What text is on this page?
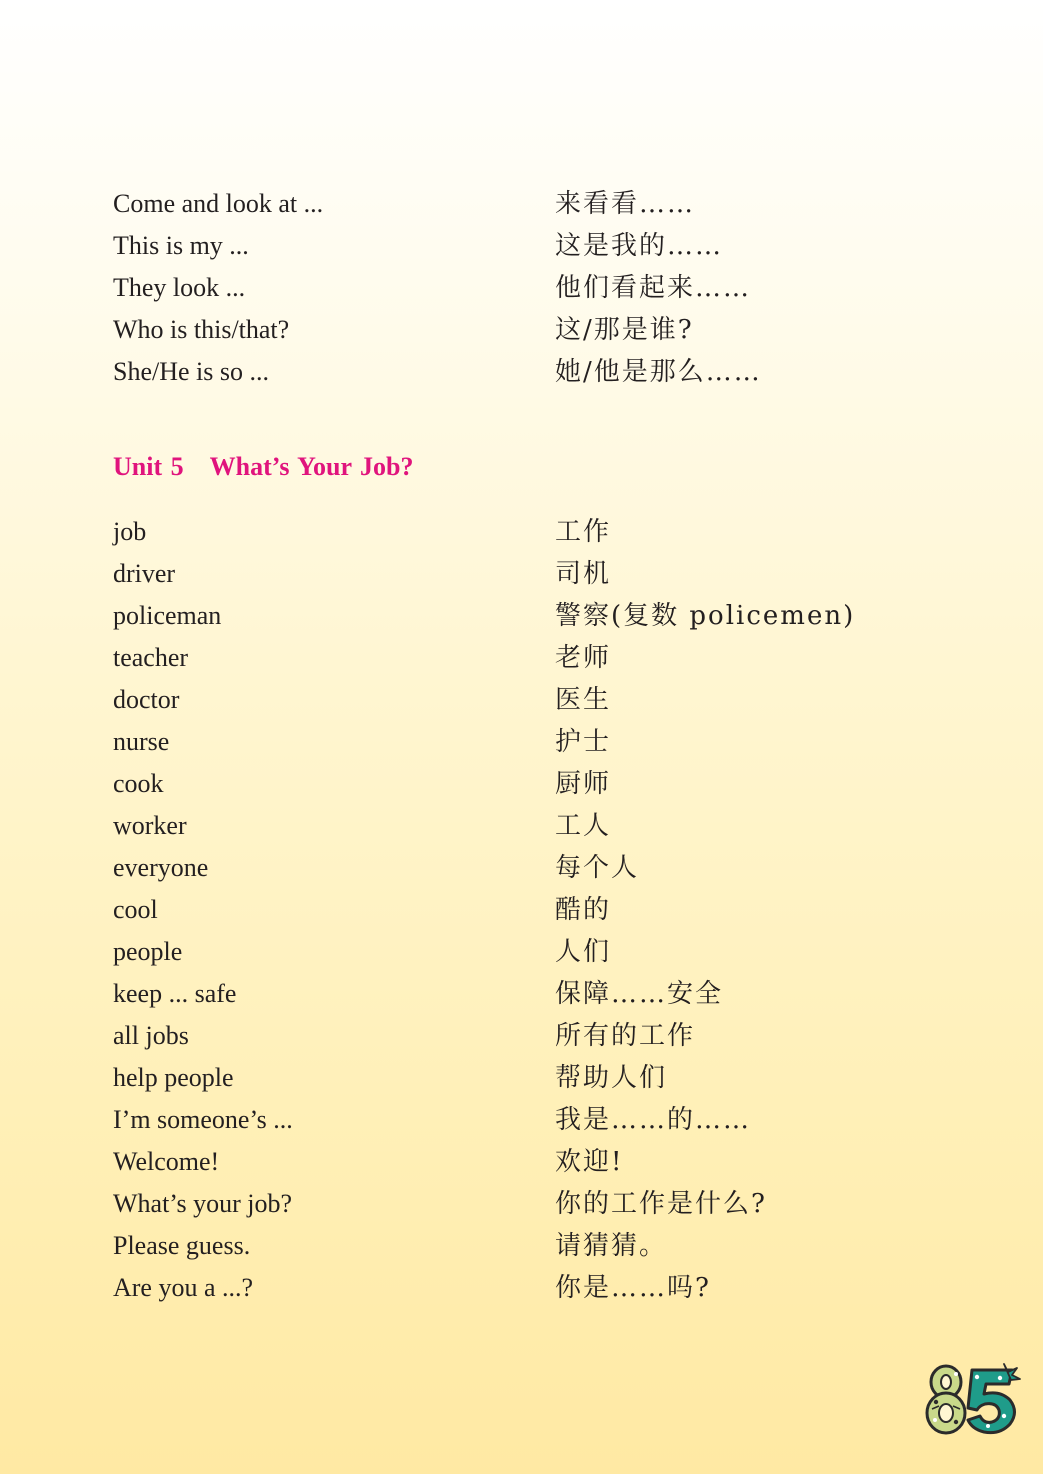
Come and look at ...	来看看……
This is my ...	这是我的……
They look ...	他们看起来……
Who is this/that?	这/那是谁?
She/He is so ...	她/他是那么……
Unit 5 What’s Your Job?
job	工作
driver	司机
policeman	警察(复数 policemen)
teacher	老师
doctor	医生
nurse	护士
cook	厨师
worker	工人
everyone	每个人
cool	酷的
people	人们
keep ... safe	保障……安全
all jobs	所有的工作
help people	帮助人们
I’m someone’s ...	我是……的……
Welcome!	欢迎!
What’s your job?	你的工作是什么?
Please guess.	请猜猜。
Are you a ...?	你是……吗?
